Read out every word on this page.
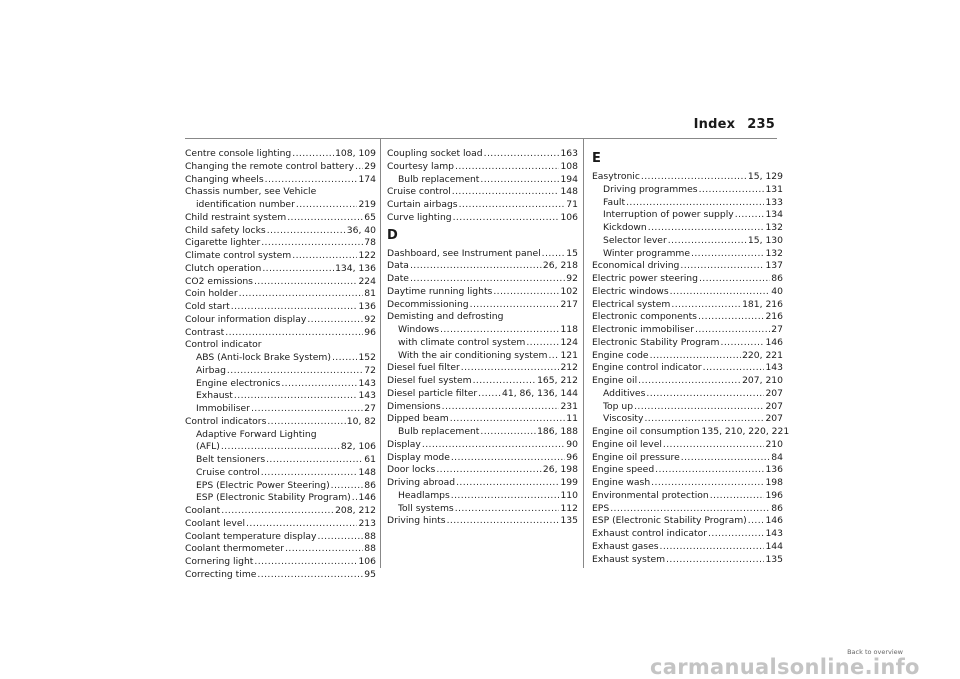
Index 235
Centre console lighting .....	108, 109
Changing the remote control battery ..... 29
Changing wheels .....	174
Chassis number, see Vehicle
identification number .....	219
Child restraint system .....	65
Child safety locks .....	36, 40
Cigarette lighter .....	78
Climate control system .....	122
Clutch operation .....	134, 136
CO2 emissions .....	224
Coin holder .....	81
Cold start .....	136
Colour information display .....	92
Contrast .....	96
Control indicator
ABS (Anti-lock Brake System) .....	152
Airbag .....	72
Engine electronics .....	143
Exhaust .....	143
Immobiliser .....	27
Control indicators .....	10, 82
Adaptive Forward Lighting
(AFL) .....	82, 106
Belt tensioners .....	61
Cruise control .....	148
EPS (Electric Power Steering) .....	86
ESP (Electronic Stability Program) ..... 146
Coolant .....	208, 212
Coolant level .....	213
Coolant temperature display .....	88
Coolant thermometer .....	88
Cornering light .....	106
Correcting time .....	95
Coupling socket load .....	163
Courtesy lamp .....	108
Bulb replacement .....	194
Cruise control .....	148
Curtain airbags .....	71
Curve lighting .....	106
D
Dashboard, see Instrument panel .....	15
Data .....	26, 218
Date .....	92
Daytime running lights .....	102
Decommissioning .....	217
Demisting and defrosting
Windows .....	118
with climate control system .....	124
With the air conditioning system ..... 121
Diesel fuel filter .....	212
Diesel fuel system .....	165, 212
Diesel particle filter .....	41, 86, 136, 144
Dimensions .....	231
Dipped beam .....	11
Bulb replacement .....	186, 188
Display .....	90
Display mode .....	96
Door locks .....	26, 198
Driving abroad .....	199
Headlamps .....	110
Toll systems .....	112
Driving hints .....	135
E
Easytronic .....	15, 129
Driving programmes .....	131
Fault .....	133
Interruption of power supply .....	134
Kickdown .....	132
Selector lever .....	15, 130
Winter programme .....	132
Economical driving .....	137
Electric power steering .....	86
Electric windows .....	40
Electrical system .....	181, 216
Electronic components .....	216
Electronic immobiliser .....	27
Electronic Stability Program .....	146
Engine code .....	220, 221
Engine control indicator .....	143
Engine oil .....	207, 210
Additives .....	207
Top up .....	207
Viscosity .....	207
Engine oil consumption 135, 210, 220, 221
Engine oil level .....	210
Engine oil pressure .....	84
Engine speed .....	136
Engine wash .....	198
Environmental protection .....	196
EPS .....	86
ESP (Electronic Stability Program) ..... 146
Exhaust control indicator .....	143
Exhaust gases .....	144
Exhaust system .....	135
Back to overview
carmanualsonline.info
